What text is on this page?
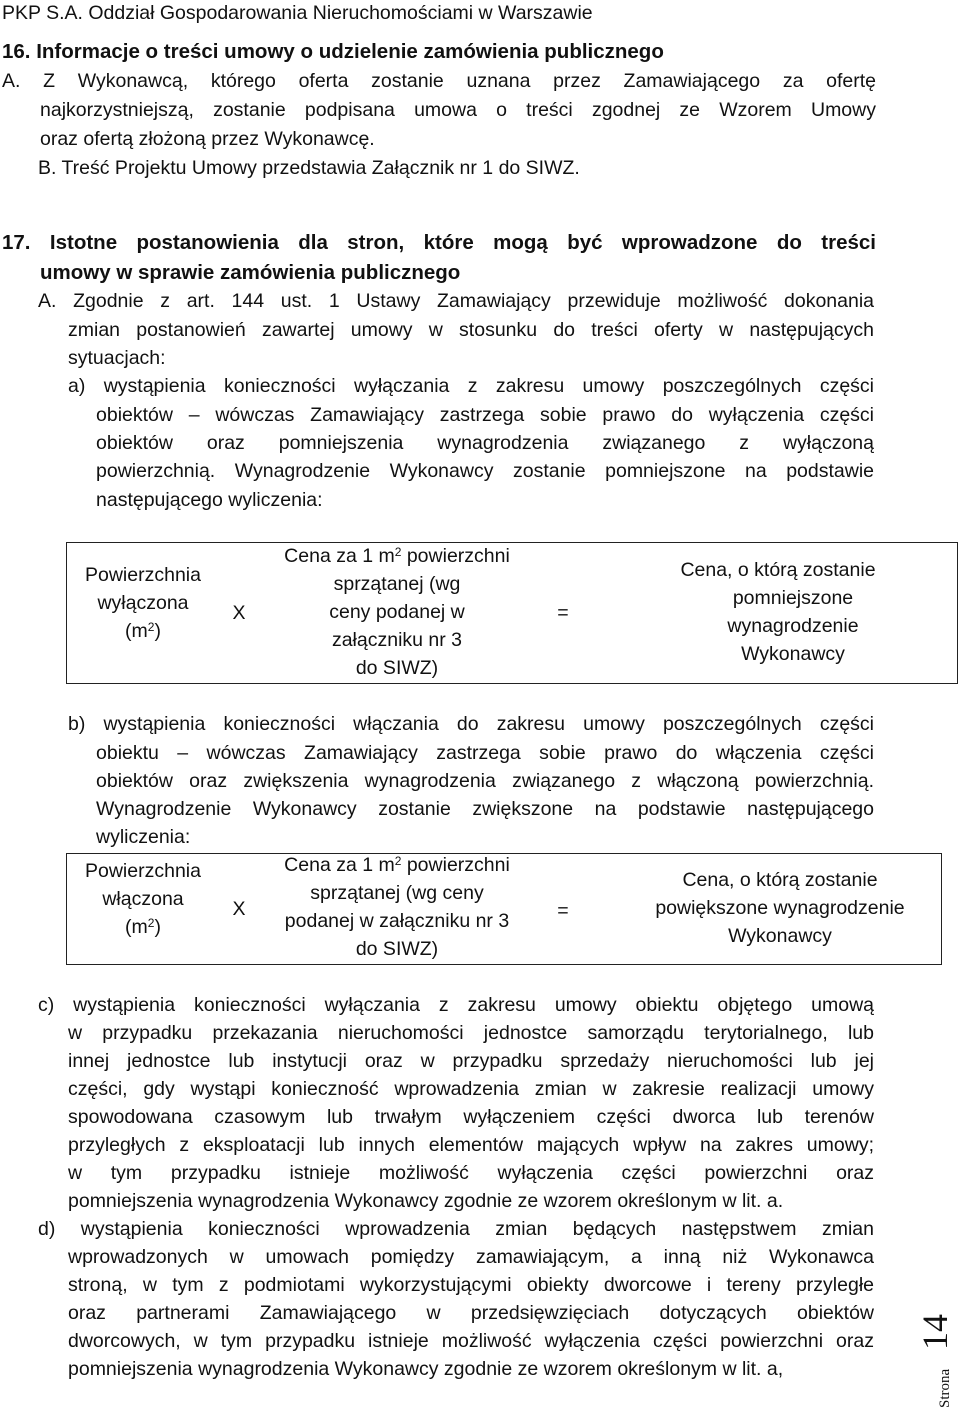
PKP S.A. Oddział Gospodarowania Nieruchomościami w Warszawie
16. Informacje o treści umowy o udzielenie zamówienia publicznego
A. Z Wykonawcą, którego oferta zostanie uznana przez Zamawiającego za ofertę
najkorzystniejszą, zostanie podpisana umowa o treści zgodnej ze Wzorem Umowy
oraz ofertą złożoną przez Wykonawcę.
B. Treść Projektu Umowy przedstawia Załącznik nr 1 do SIWZ.
17. Istotne postanowienia dla stron, które mogą być wprowadzone do treści
umowy w sprawie zamówienia publicznego
A. Zgodnie z art. 144 ust. 1 Ustawy Zamawiający przewiduje możliwość dokonania
zmian postanowień zawartej umowy w stosunku do treści oferty w następujących
sytuacjach:
a) wystąpienia konieczności wyłączania z zakresu umowy poszczególnych części
obiektów – wówczas Zamawiający zastrzega sobie prawo do wyłączenia części
obiektów oraz pomniejszenia wynagrodzenia związanego z wyłączoną
powierzchnią. Wynagrodzenie Wykonawcy zostanie pomniejszone na podstawie
następującego wyliczenia:
Powierzchnia
wyłączona
$(m^2)$
X
Cena za 1 $m^2$ powierzchni
sprzątanej (wg
ceny podanej w
załączniku nr 3
do SIWZ)
=
Cena, o którą zostanie
pomniejszone
wynagrodzenie
Wykonawcy
b) wystąpienia konieczności włączania do zakresu umowy poszczególnych części
obiektu – wówczas Zamawiający zastrzega sobie prawo do włączenia części
obiektów oraz zwiększenia wynagrodzenia związanego z włączoną powierzchnią.
Wynagrodzenie Wykonawcy zostanie zwiększone na podstawie następującego
wyliczenia:
Powierzchnia
włączona
$(m^2)$
X
Cena za 1 $m^2$ powierzchni
sprzątanej (wg ceny
podanej w załączniku nr 3
do SIWZ)
=
Cena, o którą zostanie
powiększone wynagrodzenie
Wykonawcy
c) wystąpienia konieczności wyłączania z zakresu umowy obiektu objętego umową
w przypadku przekazania nieruchomości jednostce samorządu terytorialnego, lub
innej jednostce lub instytucji oraz w przypadku sprzedaży nieruchomości lub jej
części, gdy wystąpi konieczność wprowadzenia zmian w zakresie realizacji umowy
spowodowana czasowym lub trwałym wyłączeniem części dworca lub terenów
przyległych z eksploatacji lub innych elementów mających wpływ na zakres umowy;
w tym przypadku istnieje możliwość wyłączenia części powierzchni oraz
pomniejszenia wynagrodzenia Wykonawcy zgodnie ze wzorem określonym w lit. a.
d) wystąpienia konieczności wprowadzenia zmian będących następstwem zmian
wprowadzonych w umowach pomiędzy zamawiającym, a inną niż Wykonawca
stroną, w tym z podmiotami wykorzystującymi obiekty dworcowe i tereny przyległe
oraz partnerami Zamawiającego w przedsięwzięciach dotyczących obiektów
dworcowych, w tym przypadku istnieje możliwość wyłączenia części powierzchni oraz
pomniejszenia wynagrodzenia Wykonawcy zgodnie ze wzorem określonym w lit. a,
14
Strona
